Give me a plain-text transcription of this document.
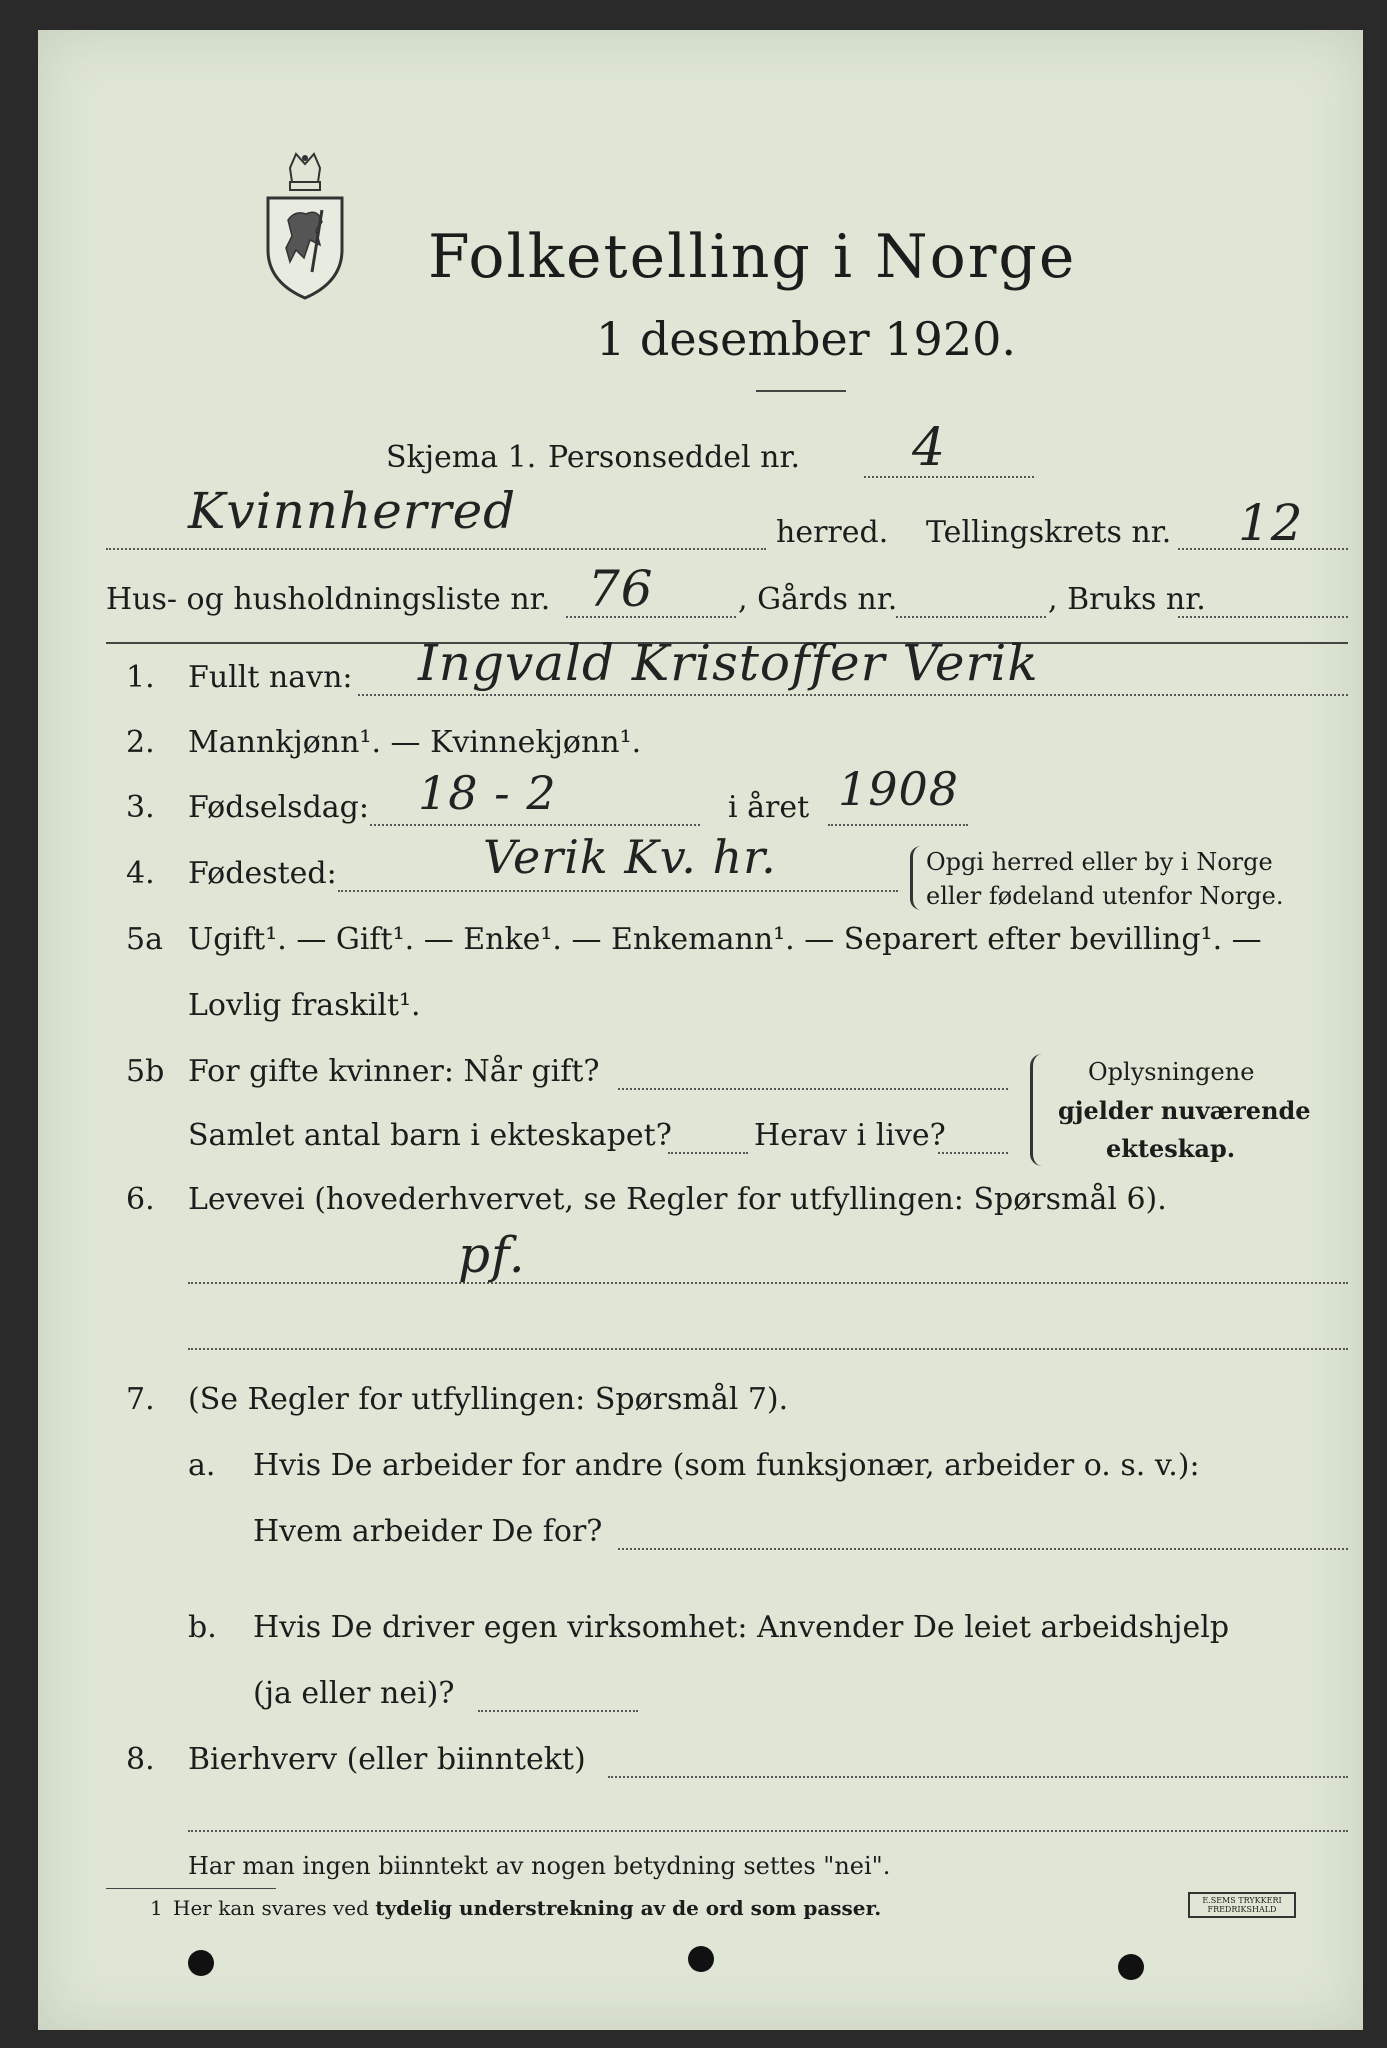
Folketelling i Norge
1 desember 1920.
Skjema 1. Personseddel nr. 4
Kvinnherred	herred. Tellingskrets nr. 12
Hus- og husholdningsliste nr. 76	, Gårds nr.	, Bruks nr.
1. Fullt navn: Ingvald Kristoffer Verik
2. Mannkjønn¹. — Kvinnekjønn¹.
3. Fødselsdag: 18 - 2	i året 1908
4. Fødested:	Verik Kv. hr.	Opgi herred eller by i Norge
eller fødeland utenfor Norge.
5a Ugift¹. — Gift¹. — Enke¹. — Enkemann¹. — Separert efter bevilling¹. —
Lovlig fraskilt¹.
5b For gifte kvinner: Når gift?
Samlet antal barn i ekteskapet?	Herav i live?
Oplysningene
gjelder nuværende
ekteskap.
6. Levevei (hovederhvervet, se Regler for utfyllingen: Spørsmål 6).
pf.
7. (Se Regler for utfyllingen: Spørsmål 7).
a. Hvis De arbeider for andre (som funksjonær, arbeider o. s. v.):
Hvem arbeider De for?
b. Hvis De driver egen virksomhet: Anvender De leiet arbeidshjelp
(ja eller nei)?
8. Bierhverv (eller biinntekt)
Har man ingen biinntekt av nogen betydning settes "nei".
1 Her kan svares ved tydelig understrekning av de ord som passer.	E.SEMS TRYKKERI
FREDRIKSHALD
